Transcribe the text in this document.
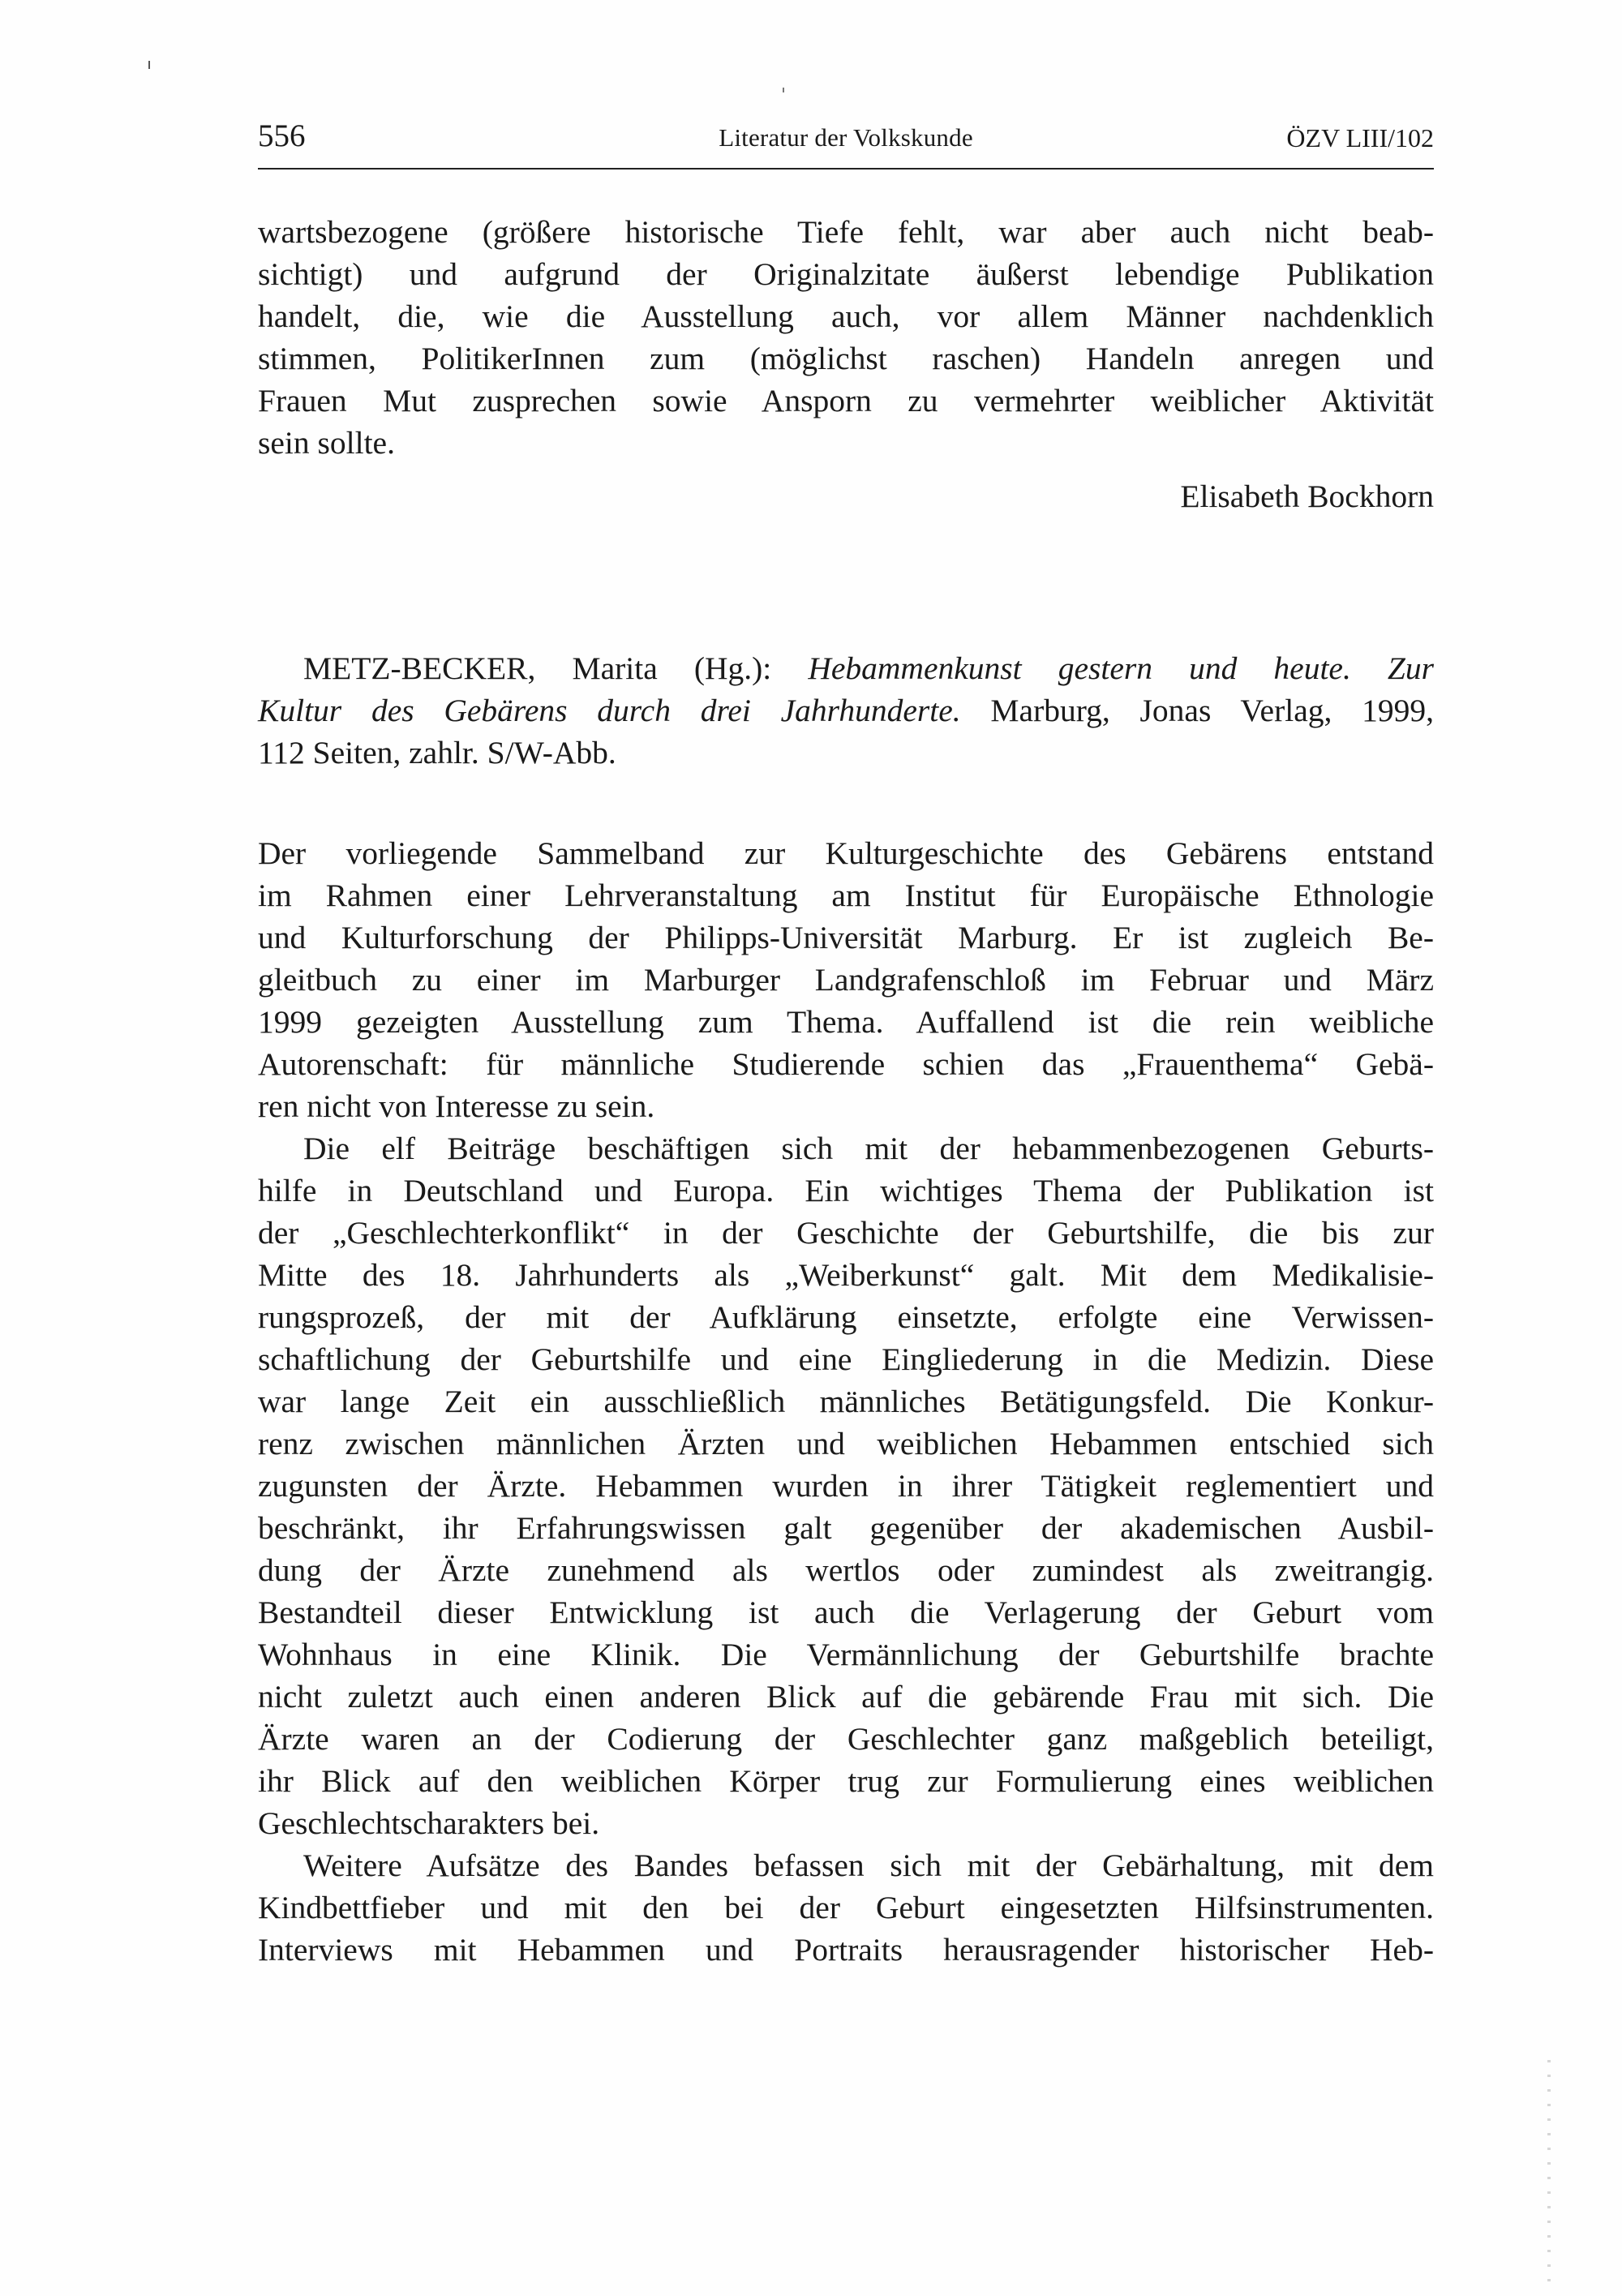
556	Literatur der Volkskunde	ÖZV LIII/102
wartsbezogene (größere historische Tiefe fehlt, war aber auch nicht beab-
sichtigt) und aufgrund der Originalzitate äußerst lebendige Publikation
handelt, die, wie die Ausstellung auch, vor allem Männer nachdenklich
stimmen, PolitikerInnen zum (möglichst raschen) Handeln anregen und
Frauen Mut zusprechen sowie Ansporn zu vermehrter weiblicher Aktivität
sein sollte.
Elisabeth Bockhorn
METZ-BECKER, Marita (Hg.): Hebammenkunst gestern und heute. Zur
Kultur des Gebärens durch drei Jahrhunderte. Marburg, Jonas Verlag, 1999,
112 Seiten, zahlr. S/W-Abb.
Der vorliegende Sammelband zur Kulturgeschichte des Gebärens entstand
im Rahmen einer Lehrveranstaltung am Institut für Europäische Ethnologie
und Kulturforschung der Philipps-Universität Marburg. Er ist zugleich Be-
gleitbuch zu einer im Marburger Landgrafenschloß im Februar und März
1999 gezeigten Ausstellung zum Thema. Auffallend ist die rein weibliche
Autorenschaft: für männliche Studierende schien das „Frauenthema“ Gebä-
ren nicht von Interesse zu sein.
Die elf Beiträge beschäftigen sich mit der hebammenbezogenen Geburts-
hilfe in Deutschland und Europa. Ein wichtiges Thema der Publikation ist
der „Geschlechterkonflikt“ in der Geschichte der Geburtshilfe, die bis zur
Mitte des 18. Jahrhunderts als „Weiberkunst“ galt. Mit dem Medikalisie-
rungsprozeß, der mit der Aufklärung einsetzte, erfolgte eine Verwissen-
schaftlichung der Geburtshilfe und eine Eingliederung in die Medizin. Diese
war lange Zeit ein ausschließlich männliches Betätigungsfeld. Die Konkur-
renz zwischen männlichen Ärzten und weiblichen Hebammen entschied sich
zugunsten der Ärzte. Hebammen wurden in ihrer Tätigkeit reglementiert und
beschränkt, ihr Erfahrungswissen galt gegenüber der akademischen Ausbil-
dung der Ärzte zunehmend als wertlos oder zumindest als zweitrangig.
Bestandteil dieser Entwicklung ist auch die Verlagerung der Geburt vom
Wohnhaus in eine Klinik. Die Vermännlichung der Geburtshilfe brachte
nicht zuletzt auch einen anderen Blick auf die gebärende Frau mit sich. Die
Ärzte waren an der Codierung der Geschlechter ganz maßgeblich beteiligt,
ihr Blick auf den weiblichen Körper trug zur Formulierung eines weiblichen
Geschlechtscharakters bei.
Weitere Aufsätze des Bandes befassen sich mit der Gebärhaltung, mit dem
Kindbettfieber und mit den bei der Geburt eingesetzten Hilfsinstrumenten.
Interviews mit Hebammen und Portraits herausragender historischer Heb-
